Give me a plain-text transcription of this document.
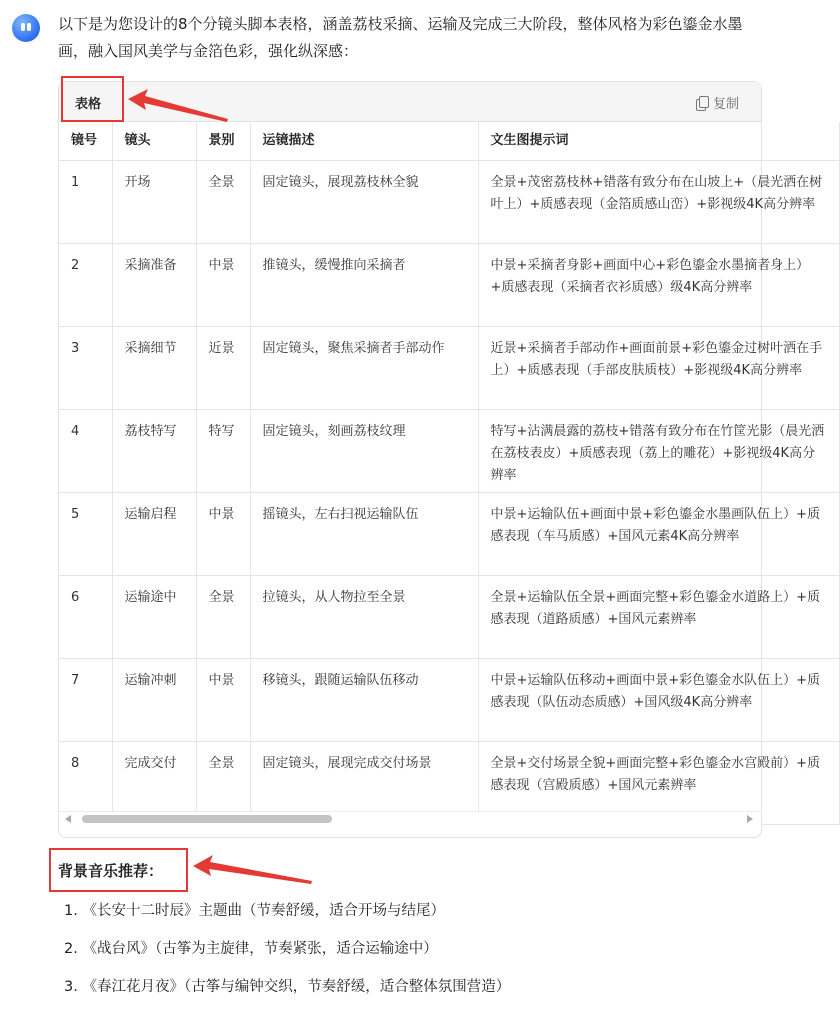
以下是为您设计的8个分镜头脚本表格，涵盖荔枝采摘、运输及完成三大阶段，整体风格为彩色鎏金水墨画，融入国风美学与金箔色彩，强化纵深感：
表格	复制
镜号	镜头	景别	运镜描述	文生图提示词
1	开场	全景	固定镜头，展现荔枝林全貌	全景+茂密荔枝林+错落有致分布在山坡上+（晨光洒在树叶上）+质感表现（金箔质感山峦）+影视级4K高分辨率
2	采摘准备	中景	推镜头，缓慢推向采摘者	中景+采摘者身影+画面中心+彩色鎏金水墨摘者身上）+质感表现（采摘者衣衫质感）级4K高分辨率
3	采摘细节	近景	固定镜头，聚焦采摘者手部动作	近景+采摘者手部动作+画面前景+彩色鎏金过树叶洒在手上）+质感表现（手部皮肤质枝）+影视级4K高分辨率
4	荔枝特写	特写	固定镜头，刻画荔枝纹理	特写+沾满晨露的荔枝+错落有致分布在竹筐光影（晨光洒在荔枝表皮）+质感表现（荔上的雕花）+影视级4K高分辨率
5	运输启程	中景	摇镜头，左右扫视运输队伍	中景+运输队伍+画面中景+彩色鎏金水墨画队伍上）+质感表现（车马质感）+国风元素4K高分辨率
6	运输途中	全景	拉镜头，从人物拉至全景	全景+运输队伍全景+画面完整+彩色鎏金水道路上）+质感表现（道路质感）+国风元素辨率
7	运输冲刺	中景	移镜头，跟随运输队伍移动	中景+运输队伍移动+画面中景+彩色鎏金水队伍上）+质感表现（队伍动态质感）+国风级4K高分辨率
8	完成交付	全景	固定镜头，展现完成交付场景	全景+交付场景全貌+画面完整+彩色鎏金水宫殿前）+质感表现（宫殿质感）+国风元素辨率
背景音乐推荐：
1. 《长安十二时辰》主题曲（节奏舒缓，适合开场与结尾）
2. 《战台风》（古筝为主旋律，节奏紧张，适合运输途中）
3. 《春江花月夜》（古筝与编钟交织，节奏舒缓，适合整体氛围营造）
